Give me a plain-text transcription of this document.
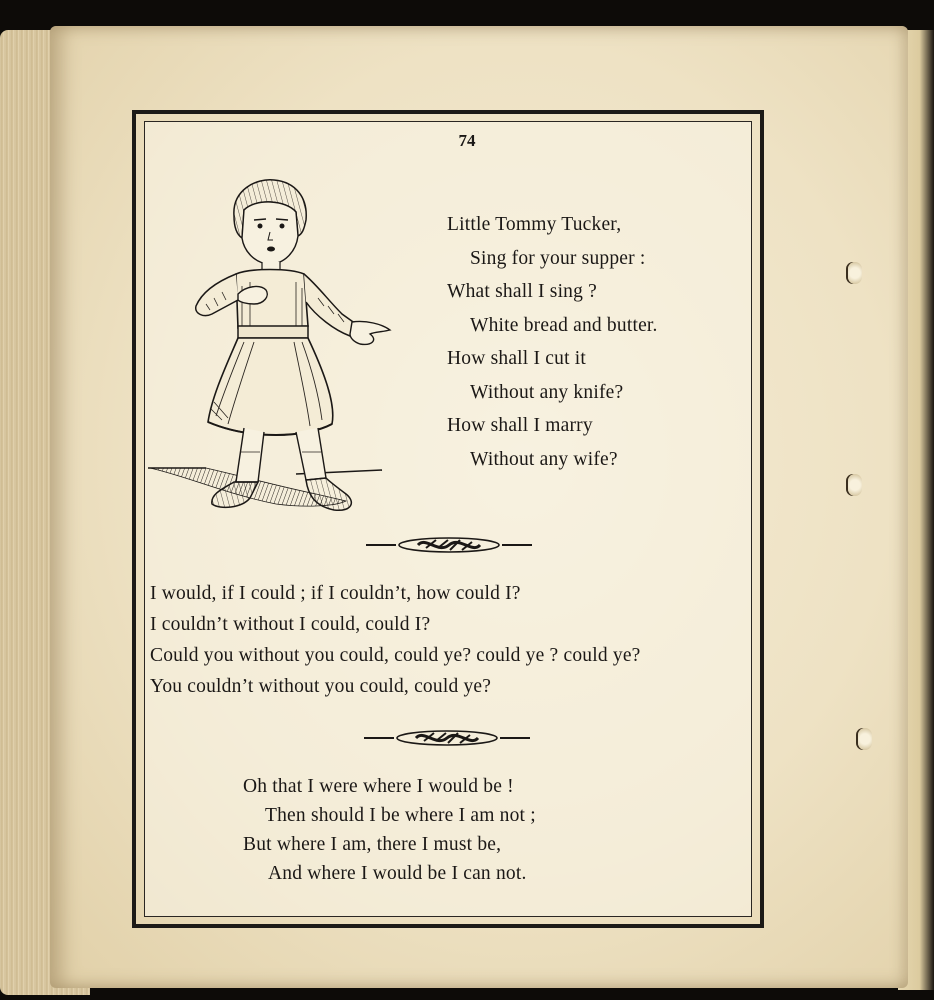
74
Little Tommy Tucker,
Sing for your supper :
What shall I sing ?
White bread and butter.
How shall I cut it
Without any knife?
How shall I marry
Without any wife?
I would, if I could ; if I couldn’t, how could I?
I couldn’t without I could, could I?
Could you without you could, could ye? could ye ? could ye?
You couldn’t without you could, could ye?
Oh that I were where I would be !
Then should I be where I am not ;
But where I am, there I must be,
And where I would be I can not.
